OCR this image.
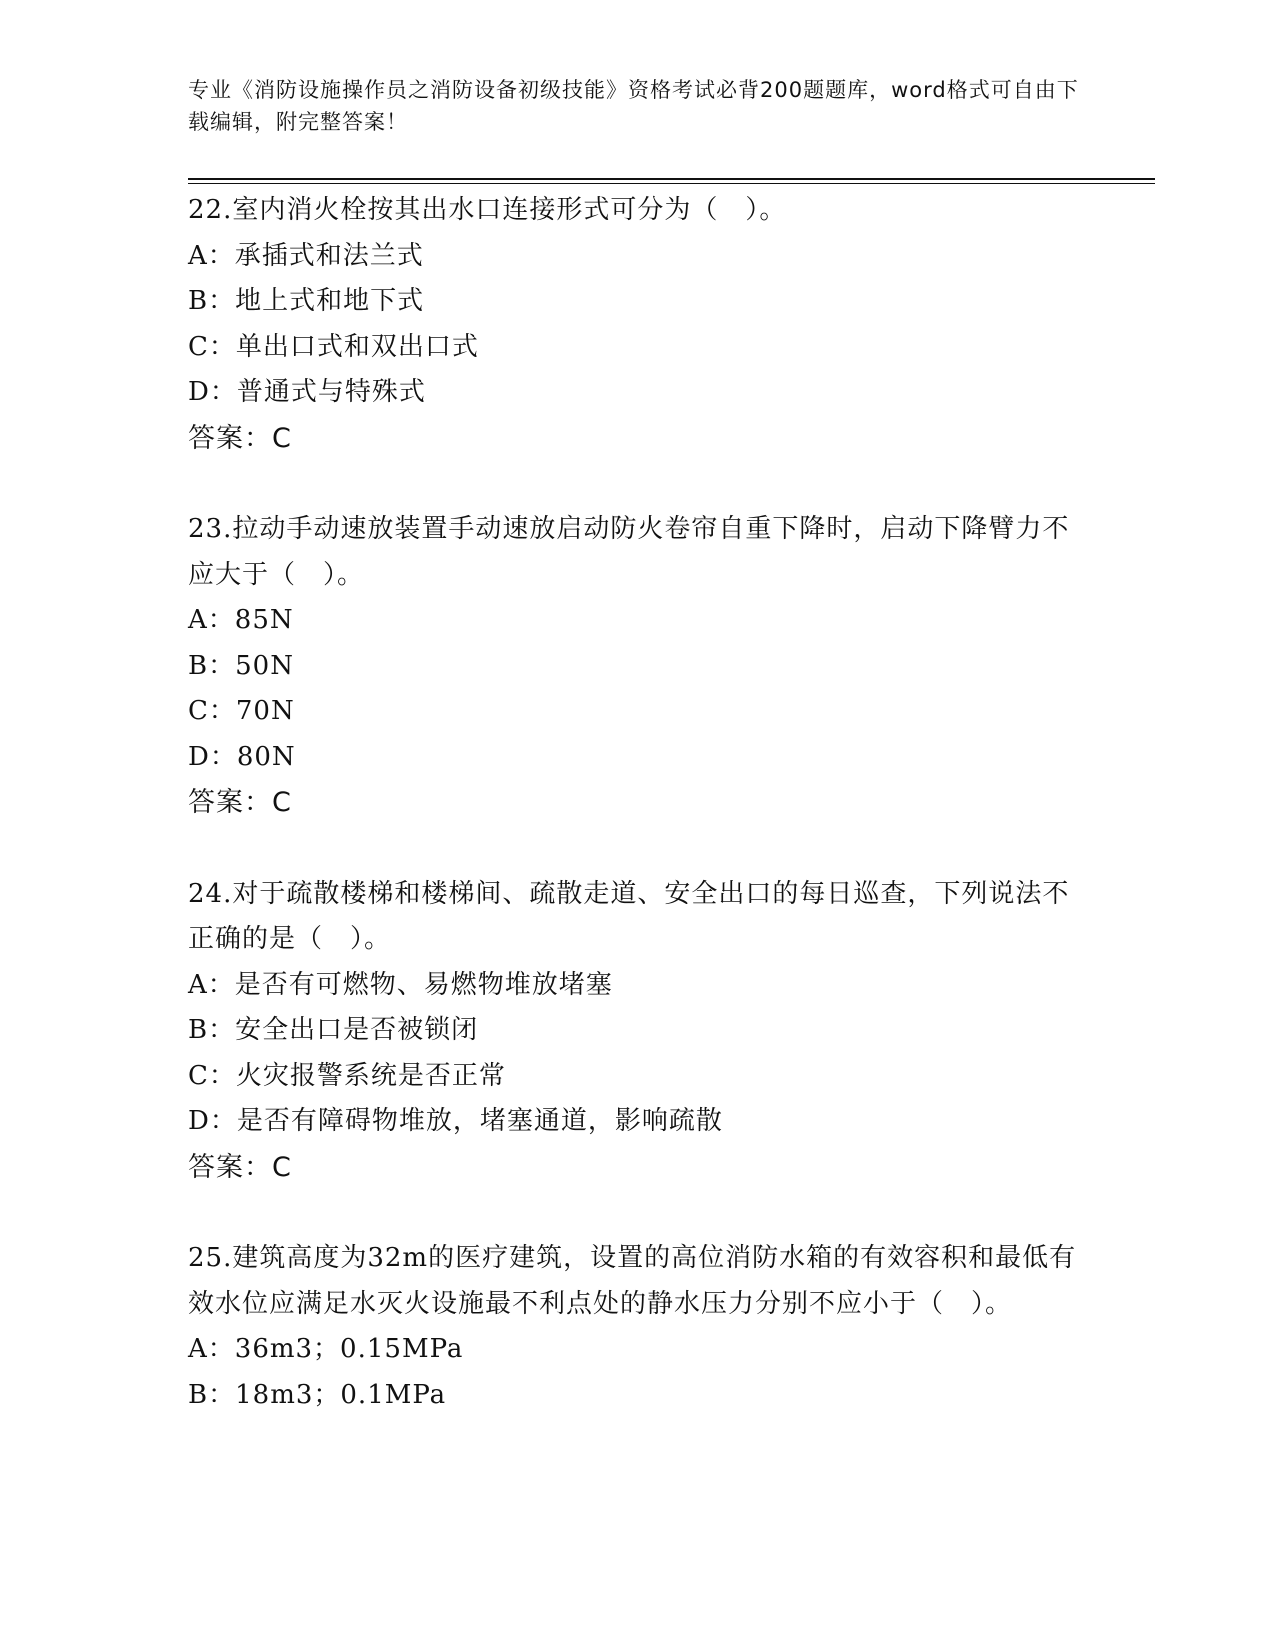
专业《消防设施操作员之消防设备初级技能》资格考试必背200题题库，word格式可自由下载编辑，附完整答案！
22.室内消火栓按其出水口连接形式可分为（　）。
A：承插式和法兰式
B：地上式和地下式
C：单出口式和双出口式
D：普通式与特殊式
答案：C
23.拉动手动速放装置手动速放启动防火卷帘自重下降时，启动下降臂力不应大于（　）。
A：85N
B：50N
C：70N
D：80N
答案：C
24.对于疏散楼梯和楼梯间、疏散走道、安全出口的每日巡查，下列说法不正确的是（　）。
A：是否有可燃物、易燃物堆放堵塞
B：安全出口是否被锁闭
C：火灾报警系统是否正常
D：是否有障碍物堆放，堵塞通道，影响疏散
答案：C
25.建筑高度为32m的医疗建筑，设置的高位消防水箱的有效容积和最低有效水位应满足水灭火设施最不利点处的静水压力分别不应小于（　）。
A：36m3；0.15MPa
B：18m3；0.1MPa
